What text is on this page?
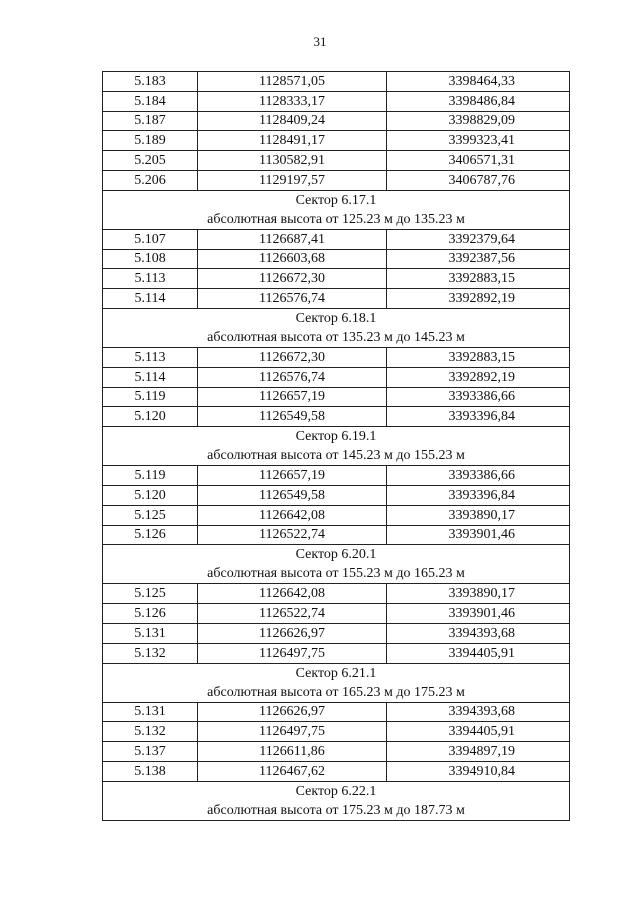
31
5.183	1128571,05	3398464,33
5.184	1128333,17	3398486,84
5.187	1128409,24	3398829,09
5.189	1128491,17	3399323,41
5.205	1130582,91	3406571,31
5.206	1129197,57	3406787,76

Сектор 6.17.1
абсолютная высота от 125.23 м до 135.23 м		

5.107	1126687,41	3392379,64
5.108	1126603,68	3392387,56
5.113	1126672,30	3392883,15
5.114	1126576,74	3392892,19

Сектор 6.18.1
абсолютная высота от 135.23 м до 145.23 м		

5.113	1126672,30	3392883,15
5.114	1126576,74	3392892,19
5.119	1126657,19	3393386,66
5.120	1126549,58	3393396,84

Сектор 6.19.1
абсолютная высота от 145.23 м до 155.23 м		

5.119	1126657,19	3393386,66
5.120	1126549,58	3393396,84
5.125	1126642,08	3393890,17
5.126	1126522,74	3393901,46

Сектор 6.20.1
абсолютная высота от 155.23 м до 165.23 м		

5.125	1126642,08	3393890,17
5.126	1126522,74	3393901,46
5.131	1126626,97	3394393,68
5.132	1126497,75	3394405,91

Сектор 6.21.1
абсолютная высота от 165.23 м до 175.23 м		

5.131	1126626,97	3394393,68
5.132	1126497,75	3394405,91
5.137	1126611,86	3394897,19
5.138	1126467,62	3394910,84

Сектор 6.22.1
абсолютная высота от 175.23 м до 187.73 м		
